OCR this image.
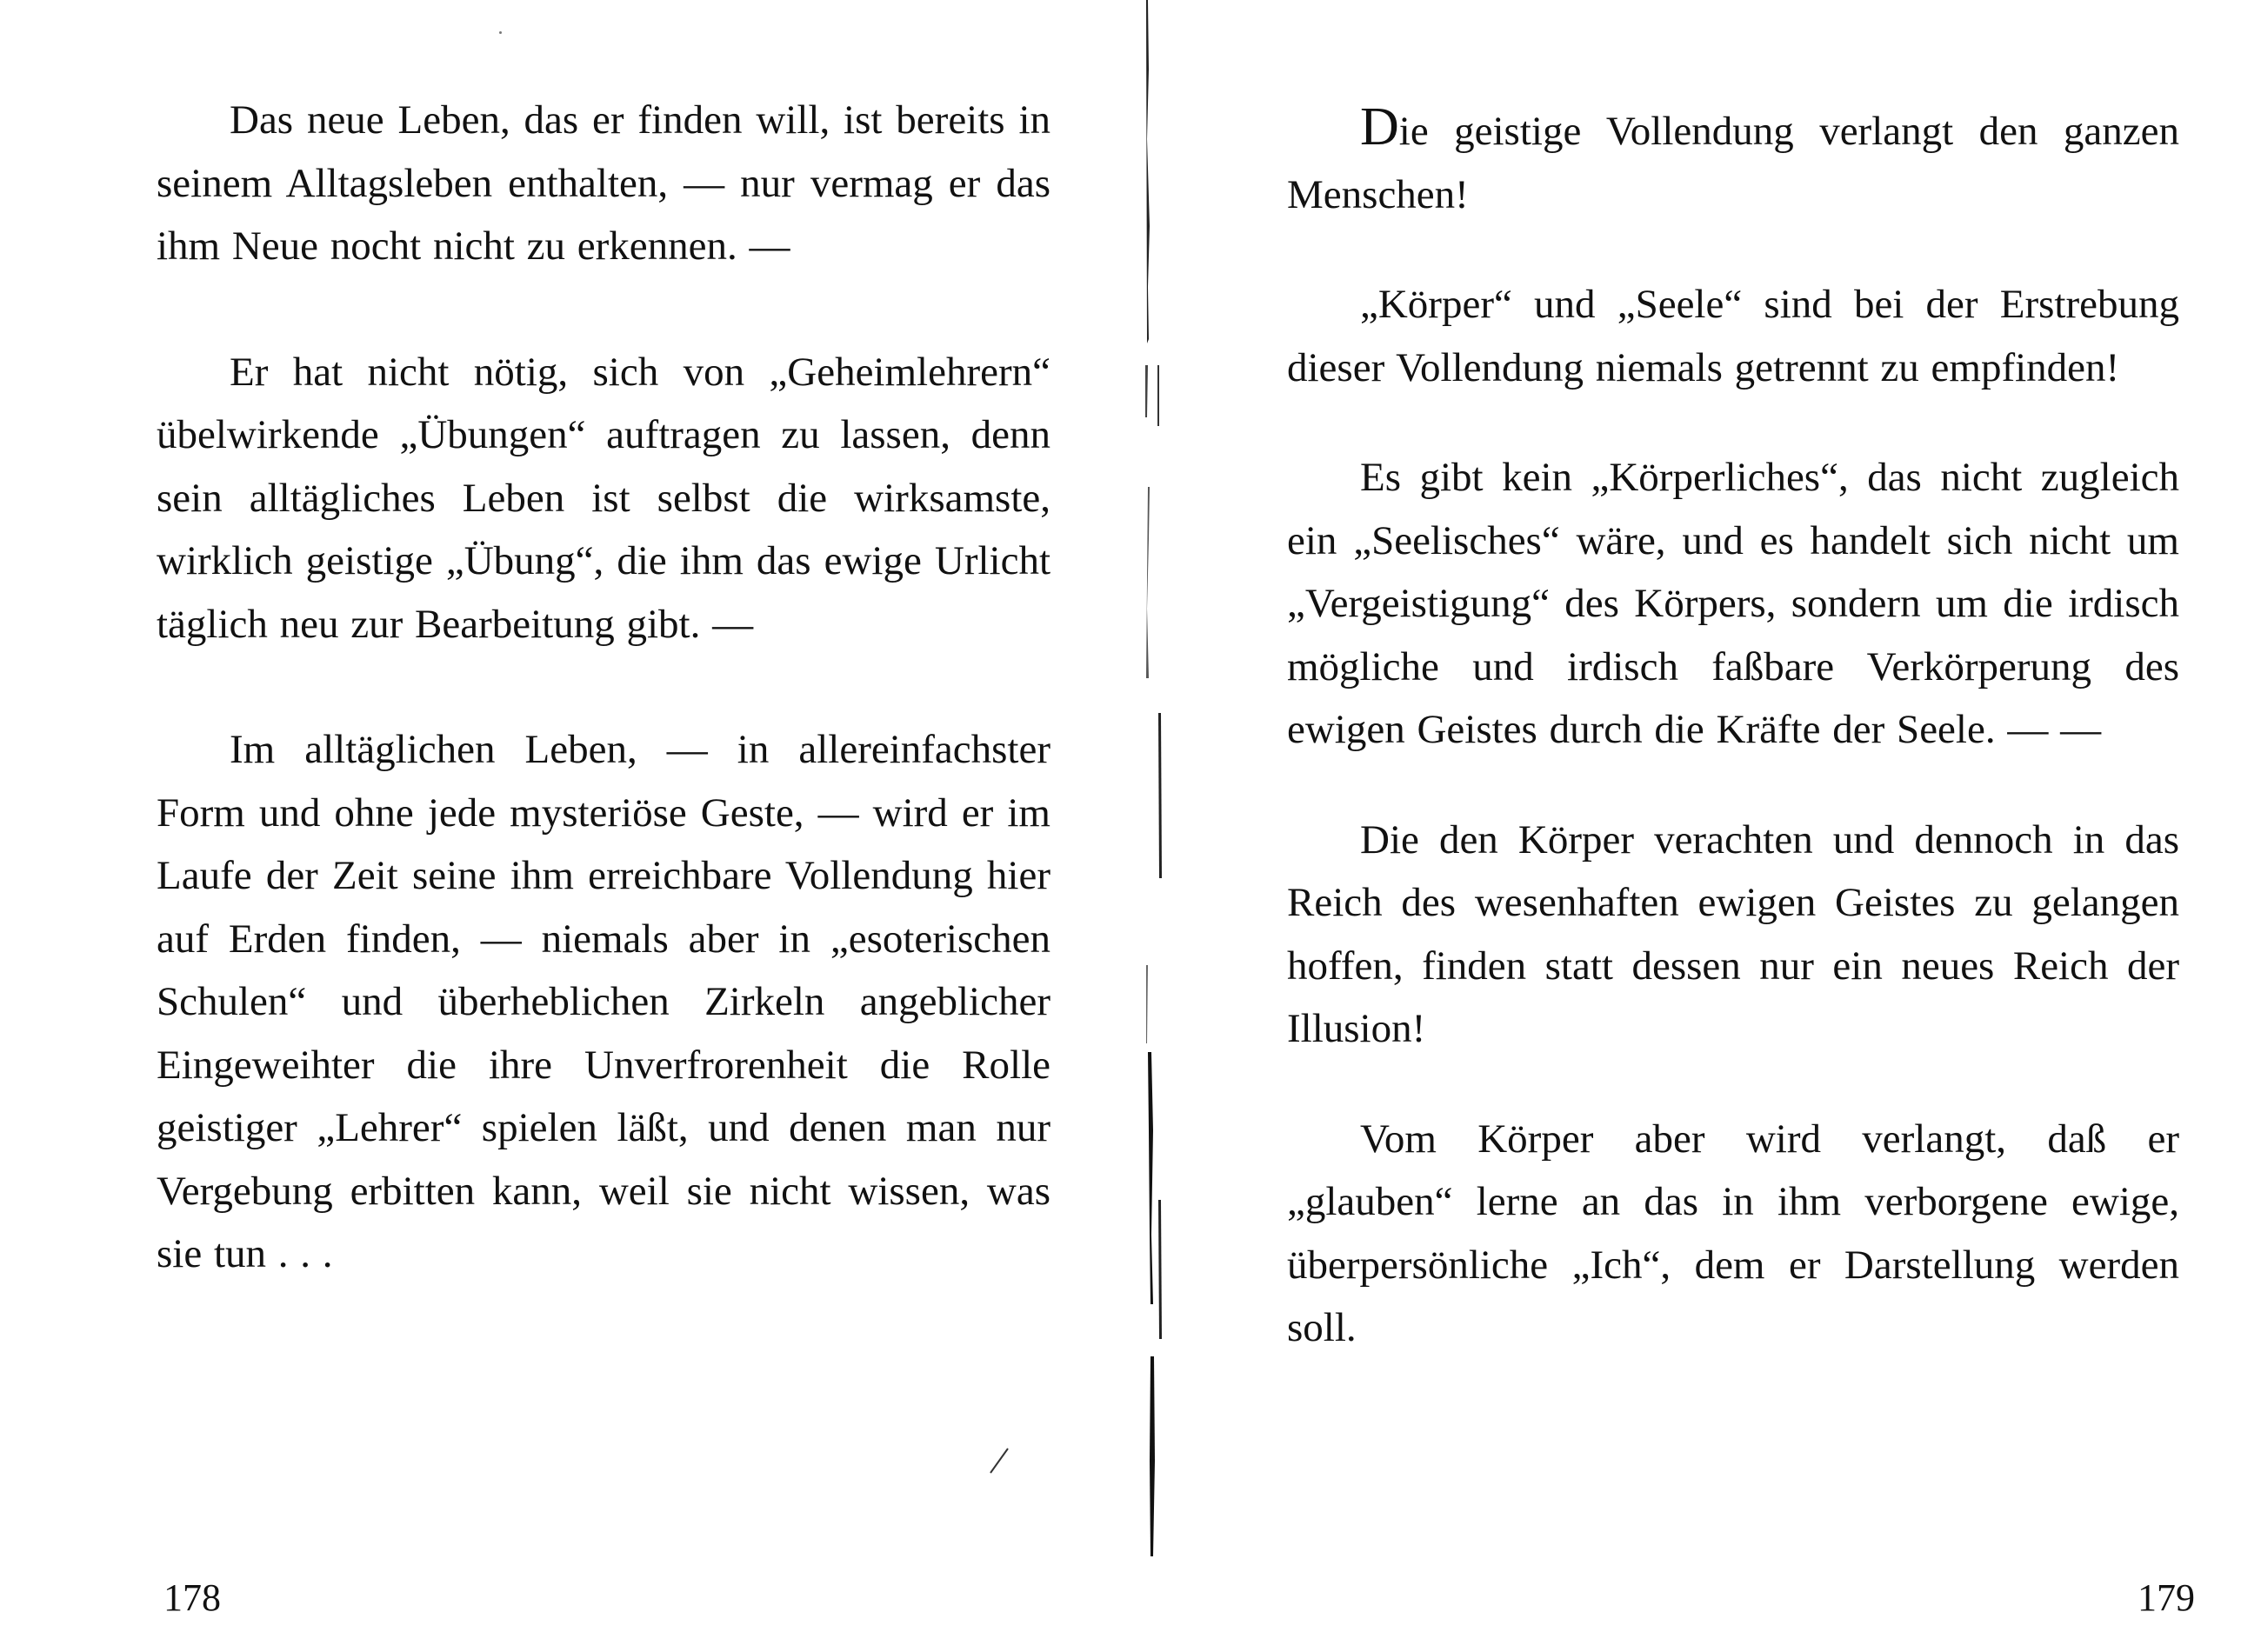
Das neue Leben, das er finden will, ist bereits in seinem Alltagsleben enthalten, — nur vermag er das ihm Neue nocht nicht zu erkennen. —

Er hat nicht nötig, sich von „Geheimlehrern“ übelwirkende „Übungen“ auftragen zu lassen, denn sein alltägliches Leben ist selbst die wirksamste, wirklich geistige „Übung“, die ihm das ewige Urlicht täglich neu zur Bearbeitung gibt. —

Im alltäglichen Leben, — in allereinfachster Form und ohne jede mysteriöse Geste, — wird er im Laufe der Zeit seine ihm erreichbare Vollendung hier auf Erden finden, — niemals aber in „esoterischen Schulen“ und überheblichen Zirkeln angeblicher Eingeweihter die ihre Unverfrorenheit die Rolle geistiger „Lehrer“ spielen läßt, und denen man nur Vergebung erbitten kann, weil sie nicht wissen, was sie tun . . .

178

Die geistige Vollendung verlangt den ganzen Menschen!

„Körper“ und „Seele“ sind bei der Erstrebung dieser Vollendung niemals getrennt zu empfinden!

Es gibt kein „Körperliches“, das nicht zugleich ein „Seelisches“ wäre, und es handelt sich nicht um „Vergeistigung“ des Körpers, sondern um die irdisch mögliche und irdisch faßbare Verkörperung des ewigen Geistes durch die Kräfte der Seele. — —

Die den Körper verachten und dennoch in das Reich des wesenhaften ewigen Geistes zu gelangen hoffen, finden statt dessen nur ein neues Reich der Illusion!

Vom Körper aber wird verlangt, daß er „glauben“ lerne an das in ihm verborgene ewige, überpersönliche „Ich“, dem er Darstellung werden soll.

179
